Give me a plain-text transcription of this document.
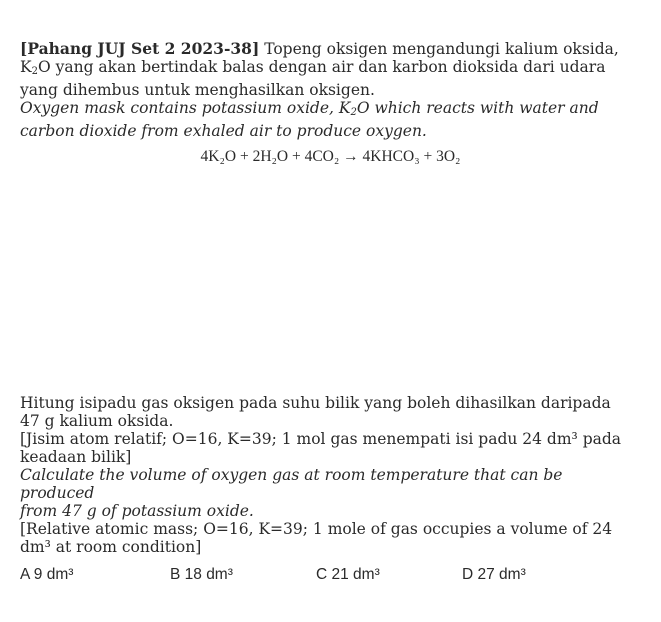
[Pahang JUJ Set 2 2023-38] Topeng oksigen mengandungi kalium oksida,
$K_2O$ yang akan bertindak balas dengan air dan karbon dioksida dari udara
yang dihembus untuk menghasilkan oksigen.
Oxygen mask contains potassium oxide, $K_2O$ which reacts with water and
carbon dioxide from exhaled air to produce oxygen.
4K₂O + 2H₂O + 4CO₂ → 4KHCO₃ + 3O₂
Hitung isipadu gas oksigen pada suhu bilik yang boleh dihasilkan daripada
47 g kalium oksida.
[Jisim atom relatif; O=16, K=39; 1 mol gas menempati isi padu 24 dm³ pada
keadaan bilik]
Calculate the volume of oxygen gas at room temperature that can be produced
from 47 g of potassium oxide.
[Relative atomic mass; O=16, K=39; 1 mole of gas occupies a volume of 24
dm³ at room condition]
A 9 dm³	B 18 dm³	C 21 dm³	D 27 dm³
